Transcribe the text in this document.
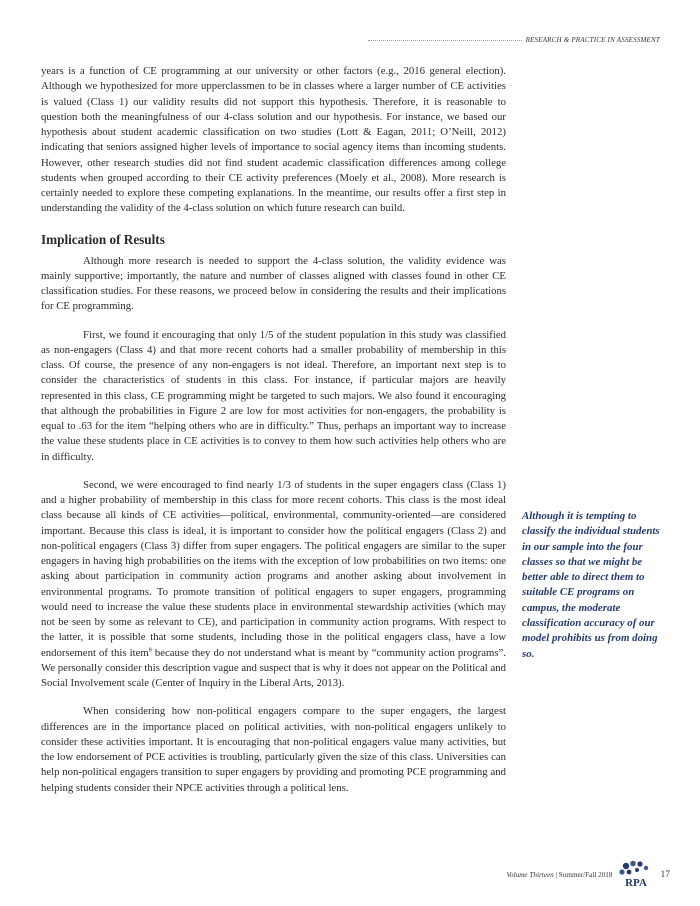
RESEARCH & PRACTICE IN ASSESSMENT

years is a function of CE programming at our university or other factors (e.g., 2016 general election). Although we hypothesized for more upperclassmen to be in classes where a larger number of CE activities is valued (Class 1) our validity results did not support this hypothesis. Therefore, it is reasonable to question both the meaningfulness of our 4-class solution and our hypothesis. For instance, we based our hypothesis about student academic classification on two studies (Lott & Eagan, 2011; O’Neill, 2012) indicating that seniors assigned higher levels of importance to social agency items than incoming students. However, other research studies did not find student academic classification differences among college students when grouped according to their CE activity preferences (Moely et al., 2008). More research is certainly needed to explore these competing explanations. In the meantime, our results offer a first step in understanding the validity of the 4-class solution on which future research can build.

Implication of Results

Although more research is needed to support the 4-class solution, the validity evidence was mainly supportive; importantly, the nature and number of classes aligned with classes found in other CE classification studies. For these reasons, we proceed below in considering the results and their implications for CE programming.

First, we found it encouraging that only 1/5 of the student population in this study was classified as non-engagers (Class 4) and that more recent cohorts had a smaller probability of membership in this class. Of course, the presence of any non-engagers is not ideal. Therefore, an important next step is to consider the characteristics of students in this class. For instance, if particular majors are heavily represented in this class, CE programming might be targeted to such majors. We also found it encouraging that although the probabilities in Figure 2 are low for most activities for non-engagers, the probability is equal to .63 for the item “helping others who are in difficulty.” Thus, perhaps an important way to increase the value these students place in CE activities is to convey to them how such activities help others who are in difficulty.

Second, we were encouraged to find nearly 1/3 of students in the super engagers class (Class 1) and a higher probability of membership in this class for more recent cohorts. This class is the most ideal class because all kinds of CE activities—political, environmental, community-oriented—are considered important. Because this class is ideal, it is important to consider how the political engagers (Class 2) and non-political engagers (Class 3) differ from super engagers. The political engagers are similar to the super engagers in having high probabilities on the items with the exception of low probabilities on two items: one asking about participation in community action programs and another asking about involvement in environmental programs. To promote transition of political engagers to super engagers, programming would need to increase the value these students place in environmental stewardship activities (which may not be seen by some as relevant to CE), and participation in community action programs. With respect to the latter, it is possible that some students, including those in the political engagers class, have a low endorsement of this item$^8$ because they do not understand what is meant by “community action programs”. We personally consider this description vague and suspect that is why it does not appear on the Political and Social Involvement scale (Center of Inquiry in the Liberal Arts, 2013).

When considering how non-political engagers compare to the super engagers, the largest differences are in the importance placed on political activities, with non-political engagers unlikely to consider these activities important. It is encouraging that non-political engagers value many activities, but the low endorsement of PCE activities is troubling, particularly given the size of this class. Universities can help non-political engagers transition to super engagers by providing and promoting PCE programming and helping students consider their NPCE activities through a political lens.

Although it is tempting to classify the individual students in our sample into the four classes so that we might be better able to direct them to suitable CE programs on campus, the moderate classification accuracy of our model prohibits us from doing so.
Volume Thirteen | Summer/Fall 2018
RPA
17
